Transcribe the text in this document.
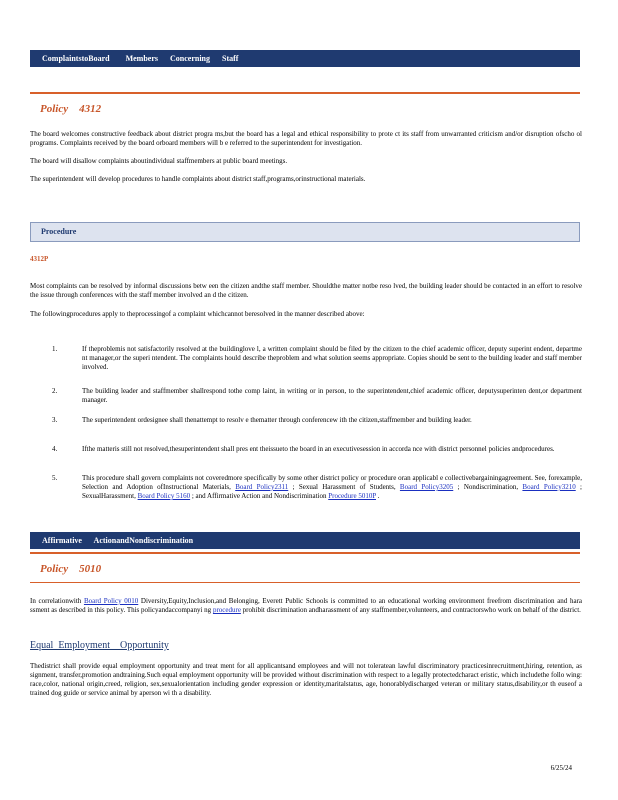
ComplaintstoBoard        Members      Concerning      Staff
Policy    4312

The board welcomes constructive feedback about district progra ms,but the board has a legal and ethical responsibility to prote ct its staff from unwarranted criticism and/or disruption ofscho ol programs. Complaints received by the board orboard members will b e referred to the superintendent for investigation.

The board will disallow complaints aboutindividual staffmembers at public board meetings.

The superintendent will develop procedures to handle complaints about district staff,programs,orinstructional materials.

Procedure
4312P

Most complaints can be resolved by informal discussions betw een the citizen andthe staff member. Shouldthe matter notbe reso lved, the building leader should be contacted in an effort to resolve the issue through conferences with the staff member involved an d the citizen.

The followingprocedures apply to theprocessingof a complaint whichcannot beresolved in the manner described above:

1.	If theproblemis not satisfactorily resolved at the buildinglove l, a written complaint should be filed by the citizen to the chief academic officer, deputy superint endent, departme nt manager,or the superi ntendent. The complaints hould describe theproblem and what solution seems appropriate. Copies should be sent to the building leader and staff member involved.
2.	The building leader and staffmember shallrespond tothe comp laint, in writing or in person, to the superintendent,chief academic officer, deputysuperinten dent,or department manager.
3.	The superintendent ordesignee shall thenattempt to resolv e thematter through conferencew ith the citizen,staffmember and building leader.
4.	Ifthe matteris still not resolved,thesuperintendent shall pres ent theissueto the board in an executivesession in accorda nce with district personnel policies andprocedures.
5.	This procedure shall govern complaints not coveredmore specifically by some other district policy or procedure oran applicabl e collectivebargainingagreement. See, forexample, Selection and Adoption ofInstructional Materials, Board Policy2311 ; Sexual Harassment of Students, Board Policy3205 ; Nondiscrimination, Board Policy3210 ; SexualHarassment, Board Policy 5160 ; and Affirmative Action and Nondiscrimination Procedure 5010P .
Affirmative      ActionandNondiscrimination
Policy    5010

In correlationwith Board Policy 0010 Diversity,Equity,Inclusion,and Belonging, Everett Public Schools is committed to an educational working environment freefrom discrimination and hara ssment as described in this policy. This policyandaccompanyi ng procedure prohibit discrimination andharassment of any staffmember,volunteers, and contractorswho work on behalf of the district.

Equal  Employment    Opportunity

Thedistrict shall provide equal employment opportunity and treat ment for all applicantsand employees and will not toleratean lawful discriminatory practicesinrecruitment,hiring, retention, as signment, transfer,promotion andtraining.Such equal employment opportunity will be provided without discrimination with respect to a legally protectedcharact eristic, which includethe follo wing: race,color, national origin,creed, religion, sex,sexualorientation including gender expression or identity,maritalstatus, age, honorablydischarged veteran or military status,disability,or th euseof a trained dog guide or service animal by aperson wi th a disability.

6/25/24
